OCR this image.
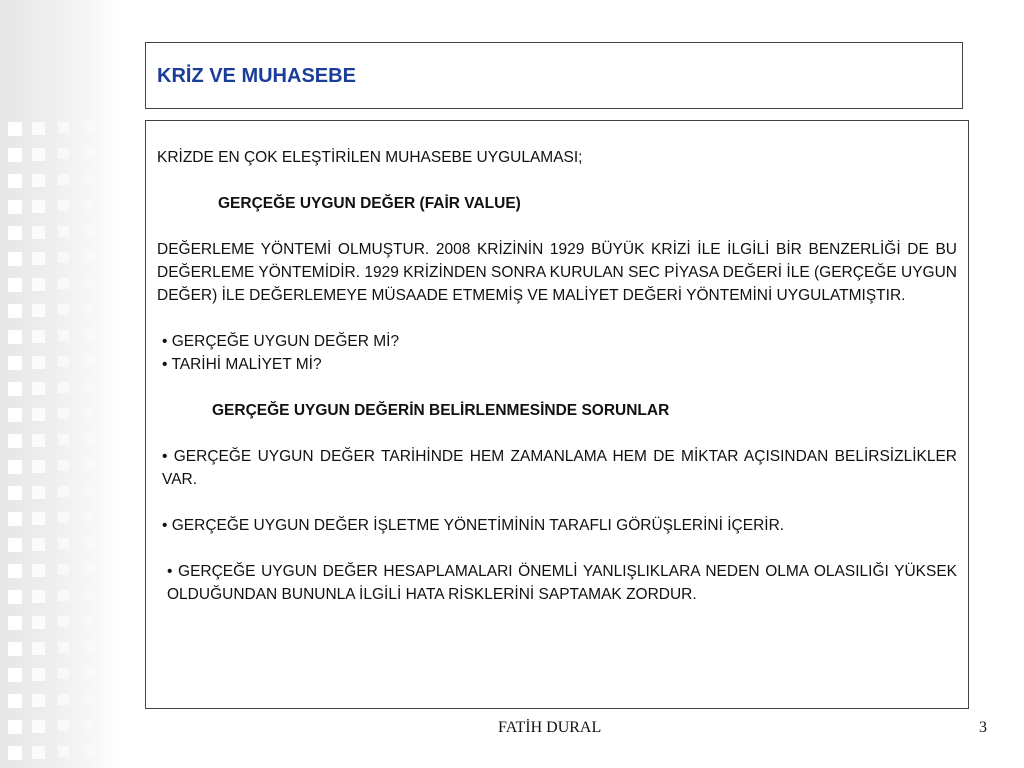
KRİZ VE MUHASEBE

KRİZDE EN ÇOK ELEŞTİRİLEN MUHASEBE UYGULAMASI;

GERÇEĞE UYGUN DEĞER (FAİR VALUE)

DEĞERLEME YÖNTEMİ OLMUŞTUR. 2008 KRİZİNİN 1929 BÜYÜK KRİZİ İLE İLGİLİ BİR BENZERLİĞİ DE BU DEĞERLEME YÖNTEMİDİR. 1929 KRİZİNDEN SONRA KURULAN SEC PİYASA DEĞERİ İLE (GERÇEĞE UYGUN DEĞER) İLE DEĞERLEMEYE MÜSAADE ETMEMİŞ VE MALİYET DEĞERİ YÖNTEMİNİ UYGULATMIŞTIR.

• GERÇEĞE UYGUN DEĞER Mİ?

• TARİHİ MALİYET Mİ?

GERÇEĞE UYGUN DEĞERİN BELİRLENMESİNDE SORUNLAR

• GERÇEĞE UYGUN DEĞER TARİHİNDE HEM ZAMANLAMA HEM DE MİKTAR AÇISINDAN BELİRSİZLİKLER VAR.

• GERÇEĞE UYGUN DEĞER İŞLETME YÖNETİMİNİN TARAFLI GÖRÜŞLERİNİ İÇERİR.

• GERÇEĞE UYGUN DEĞER HESAPLAMALARI ÖNEMLİ YANLIŞLIKLARA NEDEN OLMA OLASILIĞI YÜKSEK OLDUĞUNDAN BUNUNLA İLGİLİ HATA RİSKLERİNİ SAPTAMAK ZORDUR.

FATİH DURAL	3
